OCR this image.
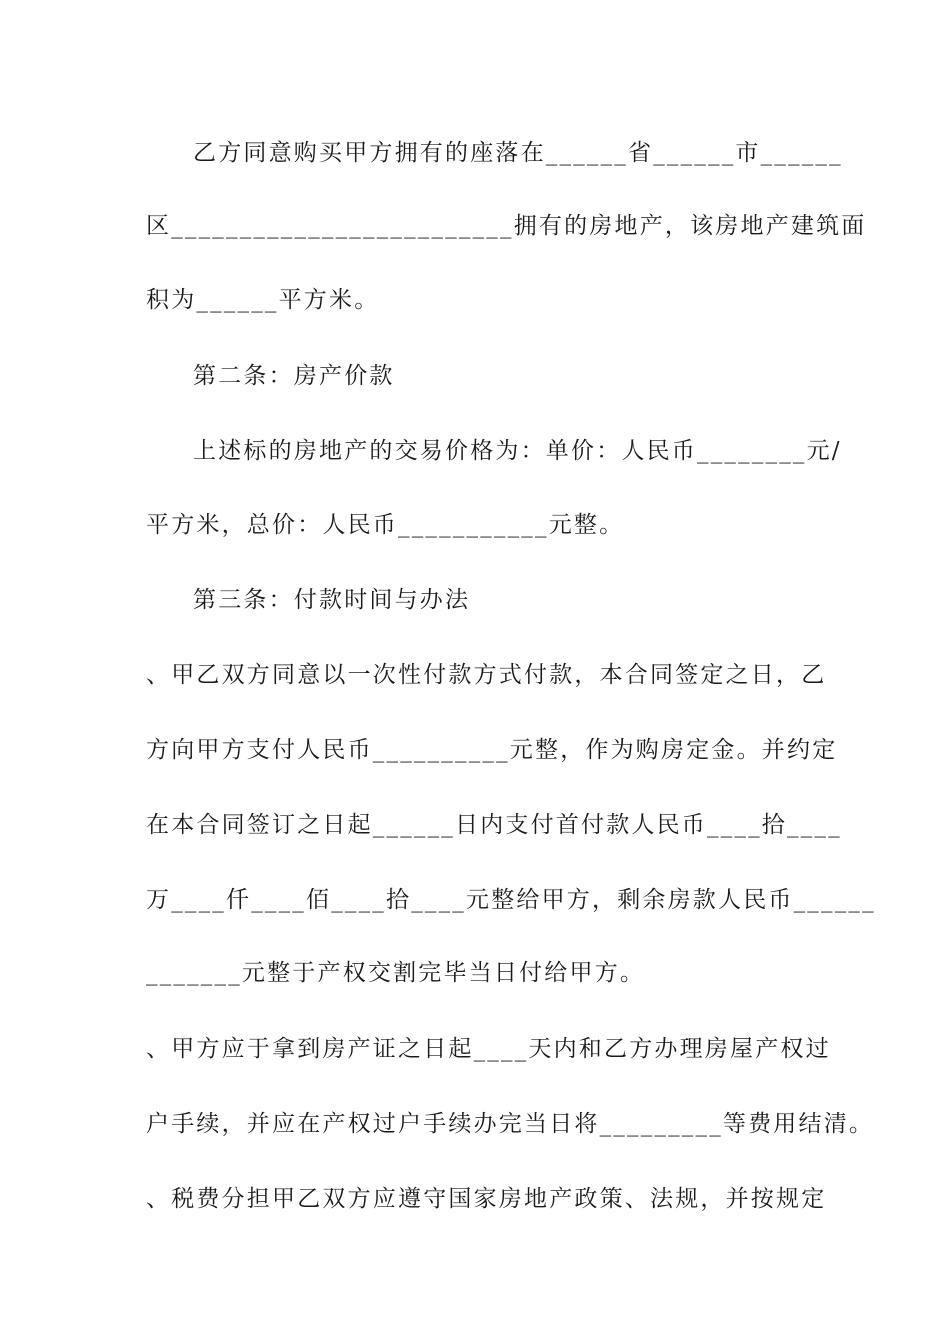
乙方同意购买甲方拥有的座落在______省______市______
区_________________________拥有的房地产，该房地产建筑面
积为______平方米。
第二条：房产价款
上述标的房地产的交易价格为：单价：人民币________元/
平方米，总价：人民币___________元整。
第三条：付款时间与办法
、甲乙双方同意以一次性付款方式付款，本合同签定之日，乙
方向甲方支付人民币__________元整，作为购房定金。并约定
在本合同签订之日起______日内支付首付款人民币____拾____
万____仟____佰____拾____元整给甲方，剩余房款人民币______
_______元整于产权交割完毕当日付给甲方。
、甲方应于拿到房产证之日起____天内和乙方办理房屋产权过
户手续，并应在产权过户手续办完当日将_________等费用结清。
、税费分担甲乙双方应遵守国家房地产政策、法规，并按规定
